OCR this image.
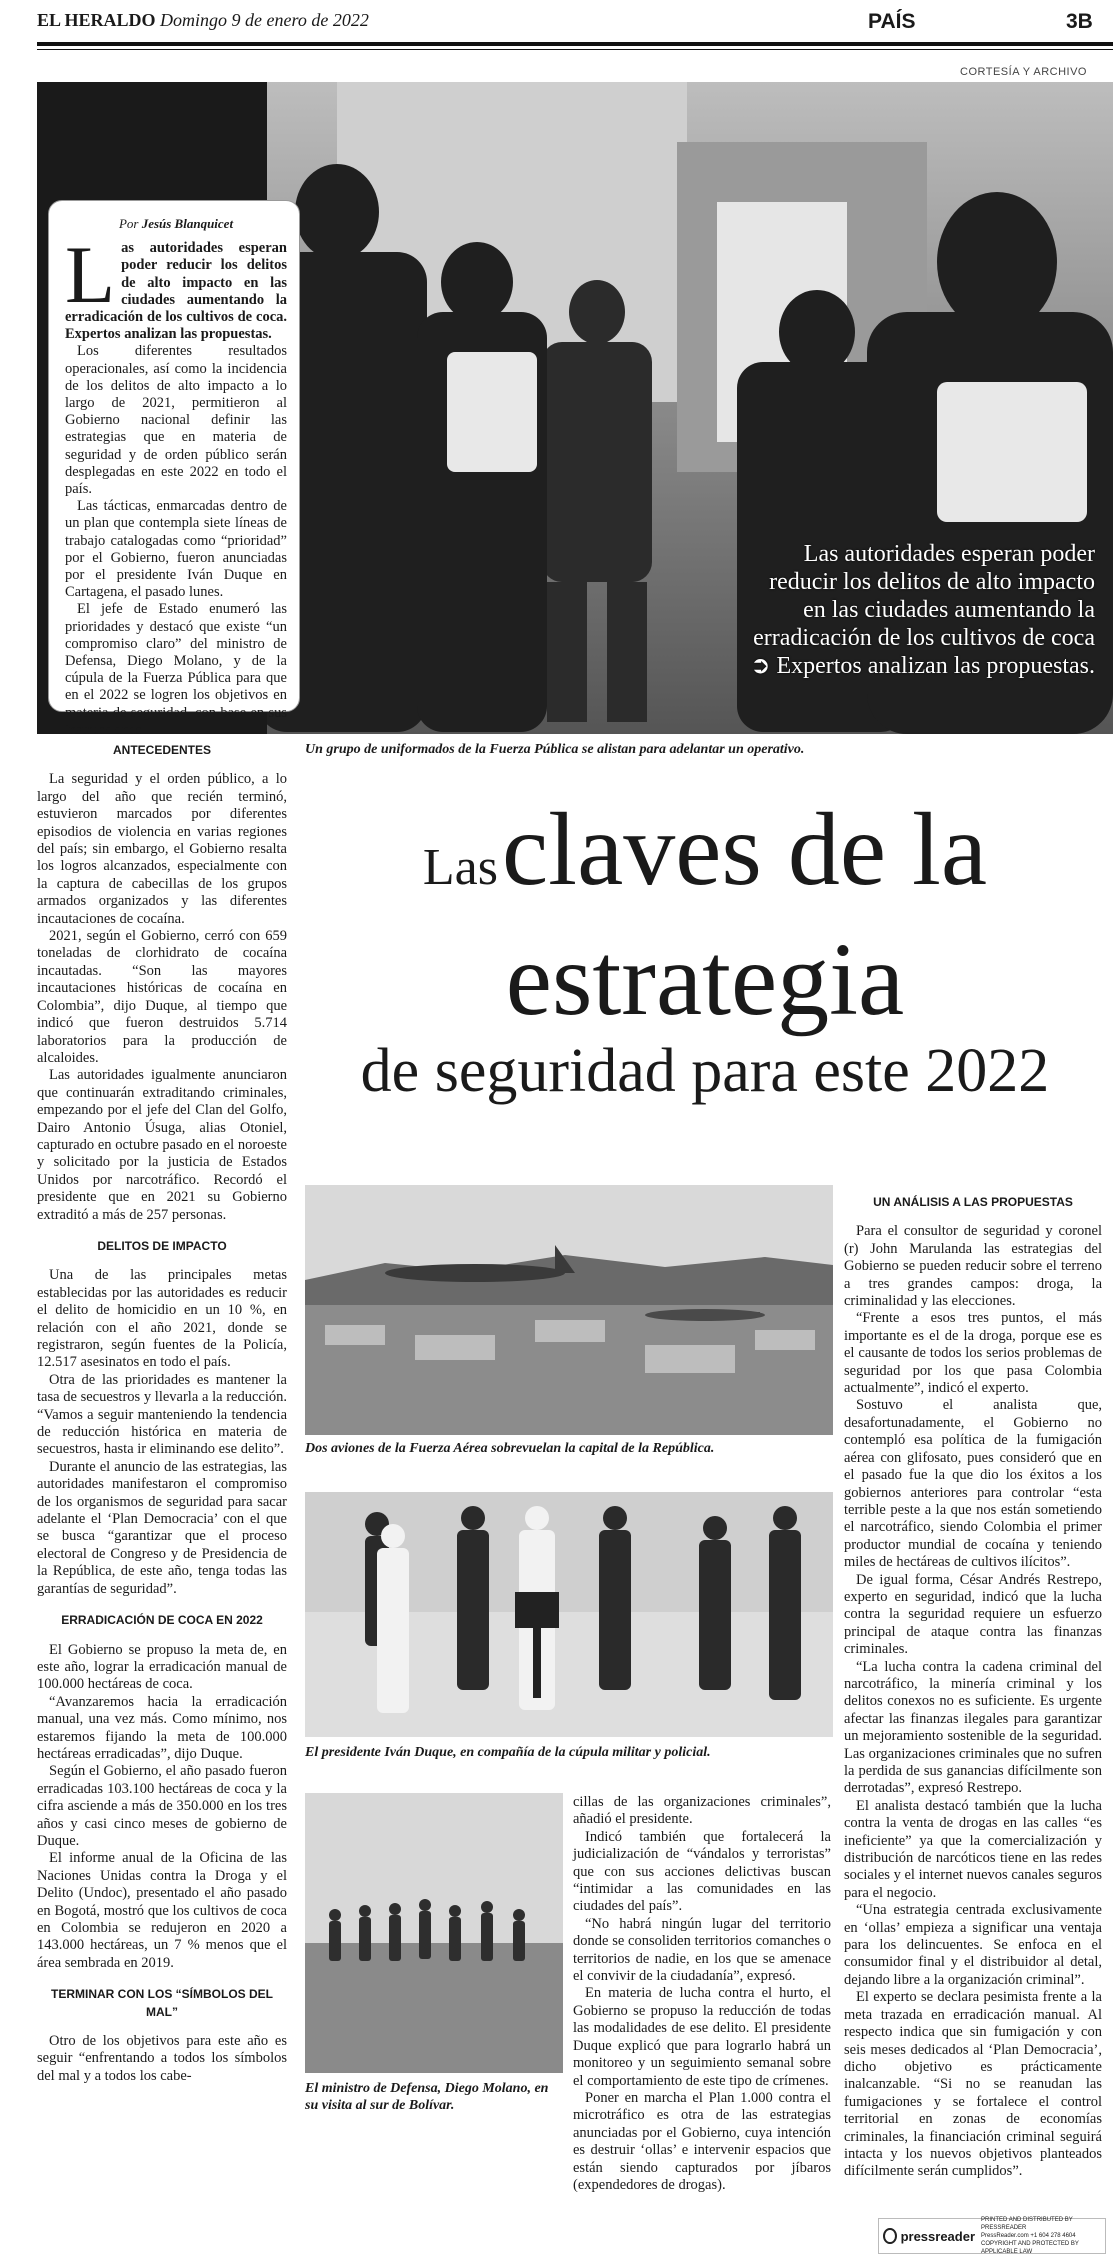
EL HERALDO Domingo 9 de enero de 2022	PAÍS	3B
CORTESÍA Y ARCHIVO
Las autoridades esperan poder reducir los delitos de alto impacto en las ciudades aumentando la erradicación de los cultivos de coca ➲ Expertos analizan las propuestas.
Por Jesús Blanquicet
L as autoridades esperan poder reducir los delitos de alto impacto en las ciudades aumentando la erradicación de los cultivos de coca. Expertos analizan las propuestas.

Los diferentes resultados operacionales, así como la incidencia de los delitos de alto impacto a lo largo de 2021, permitieron al Gobierno nacional definir las estrategias que en materia de seguridad y de orden público serán desplegadas en este 2022 en todo el país.

Las tácticas, enmarcadas dentro de un plan que contempla siete líneas de trabajo catalogadas como “prioridad” por el Gobierno, fueron anunciadas por el presidente Iván Duque en Cartagena, el pasado lunes.

El jefe de Estado enumeró las prioridades y destacó que existe “un compromiso claro” del ministro de Defensa, Diego Molano, y de la cúpula de la Fuerza Pública para que en el 2022 se logren los objetivos en materia de seguridad, con base en sus instrucciones.

Un grupo de uniformados de la Fuerza Pública se alistan para adelantar un operativo.
Las claves de la
estrategia
de seguridad para este 2022
ANTECEDENTES

La seguridad y el orden público, a lo largo del año que recién terminó, estuvieron marcados por diferentes episodios de violencia en varias regiones del país; sin embargo, el Gobierno resalta los logros alcanzados, especialmente con la captura de cabecillas de los grupos armados organizados y las diferentes incautaciones de cocaína.

2021, según el Gobierno, cerró con 659 toneladas de clorhidrato de cocaína incautadas. “Son las mayores incautaciones históricas de cocaína en Colombia”, dijo Duque, al tiempo que indicó que fueron destruidos 5.714 laboratorios para la producción de alcaloides.

Las autoridades igualmente anunciaron que continuarán extraditando criminales, empezando por el jefe del Clan del Golfo, Dairo Antonio Úsuga, alias Otoniel, capturado en octubre pasado en el noroeste y solicitado por la justicia de Estados Unidos por narcotráfico. Recordó el presidente que en 2021 su Gobierno extraditó a más de 257 personas.

DELITOS DE IMPACTO

Una de las principales metas establecidas por las autoridades es reducir el delito de homicidio en un 10 %, en relación con el año 2021, donde se registraron, según fuentes de la Policía, 12.517 asesinatos en todo el país.

Otra de las prioridades es mantener la tasa de secuestros y llevarla a la reducción. “Vamos a seguir manteniendo la tendencia de reducción histórica en materia de secuestros, hasta ir eliminando ese delito”.

Durante el anuncio de las estrategias, las autoridades manifestaron el compromiso de los organismos de seguridad para sacar adelante el ‘Plan Democracia’ con el que se busca “garantizar que el proceso electoral de Congreso y de Presidencia de la República, de este año, tenga todas las garantías de seguridad”.

ERRADICACIÓN DE COCA EN 2022

El Gobierno se propuso la meta de, en este año, lograr la erradicación manual de 100.000 hectáreas de coca.

“Avanzaremos hacia la erradicación manual, una vez más. Como mínimo, nos estaremos fijando la meta de 100.000 hectáreas erradicadas”, dijo Duque.

Según el Gobierno, el año pasado fueron erradicadas 103.100 hectáreas de coca y la cifra asciende a más de 350.000 en los tres años y casi cinco meses de gobierno de Duque.

El informe anual de la Oficina de las Naciones Unidas contra la Droga y el Delito (Undoc), presentado el año pasado en Bogotá, mostró que los cultivos de coca en Colombia se redujeron en 2020 a 143.000 hectáreas, un 7 % menos que el área sembrada en 2019.

TERMINAR CON LOS “SÍMBOLOS DEL MAL”

Otro de los objetivos para este año es seguir “enfrentando a todos los símbolos del mal y a todos los cabe-

Dos aviones de la Fuerza Aérea sobrevuelan la capital de la República.
El presidente Iván Duque, en compañía de la cúpula militar y policial.
El ministro de Defensa, Diego Molano, en su visita al sur de Bolívar.

cillas de las organizaciones criminales”, añadió el presidente.

Indicó también que fortalecerá la judicialización de “vándalos y terroristas” que con sus acciones delictivas buscan “intimidar a las comunidades en las ciudades del país”.

“No habrá ningún lugar del territorio donde se consoliden territorios comanches o territorios de nadie, en los que se amenace el convivir de la ciudadanía”, expresó.

En materia de lucha contra el hurto, el Gobierno se propuso la reducción de todas las modalidades de ese delito. El presidente Duque explicó que para lograrlo habrá un monitoreo y un seguimiento semanal sobre el comportamiento de este tipo de crímenes.

Poner en marcha el Plan 1.000 contra el microtráfico es otra de las estrategias anunciadas por el Gobierno, cuya intención es destruir ‘ollas’ e intervenir espacios que están siendo capturados por jíbaros (expendedores de drogas).

UN ANÁLISIS A LAS PROPUESTAS

Para el consultor de seguridad y coronel (r) John Marulanda las estrategias del Gobierno se pueden reducir sobre el terreno a tres grandes campos: droga, la criminalidad y las elecciones.

“Frente a esos tres puntos, el más importante es el de la droga, porque ese es el causante de todos los serios problemas de seguridad por los que pasa Colombia actualmente”, indicó el experto.

Sostuvo el analista que, desafortunadamente, el Gobierno no contempló esa política de la fumigación aérea con glifosato, pues consideró que en el pasado fue la que dio los éxitos a los gobiernos anteriores para controlar “esta terrible peste a la que nos están sometiendo el narcotráfico, siendo Colombia el primer productor mundial de cocaína y teniendo miles de hectáreas de cultivos ilícitos”.

De igual forma, César Andrés Restrepo, experto en seguridad, indicó que la lucha contra la seguridad requiere un esfuerzo principal de ataque contra las finanzas criminales.

“La lucha contra la cadena criminal del narcotráfico, la minería criminal y los delitos conexos no es suficiente. Es urgente afectar las finanzas ilegales para garantizar un mejoramiento sostenible de la seguridad. Las organizaciones criminales que no sufren la perdida de sus ganancias difícilmente son derrotadas”, expresó Restrepo.

El analista destacó también que la lucha contra la venta de drogas en las calles “es ineficiente” ya que la comercialización y distribución de narcóticos tiene en las redes sociales y el internet nuevos canales seguros para el negocio.

“Una estrategia centrada exclusivamente en ‘ollas’ empieza a significar una ventaja para los delincuentes. Se enfoca en el consumidor final y el distribuidor al detal, dejando libre a la organización criminal”.

El experto se declara pesimista frente a la meta trazada en erradicación manual. Al respecto indica que sin fumigación y con seis meses dedicados al ‘Plan Democracia’, dicho objetivo es prácticamente inalcanzable. “Si no se reanudan las fumigaciones y se fortalece el control territorial en zonas de economías criminales, la financiación criminal seguirá intacta y los nuevos objetivos planteados difícilmente serán cumplidos”.

pressreader
PRINTED AND DISTRIBUTED BY PRESSREADER
PressReader.com +1 604 278 4604
COPYRIGHT AND PROTECTED BY APPLICABLE LAW
